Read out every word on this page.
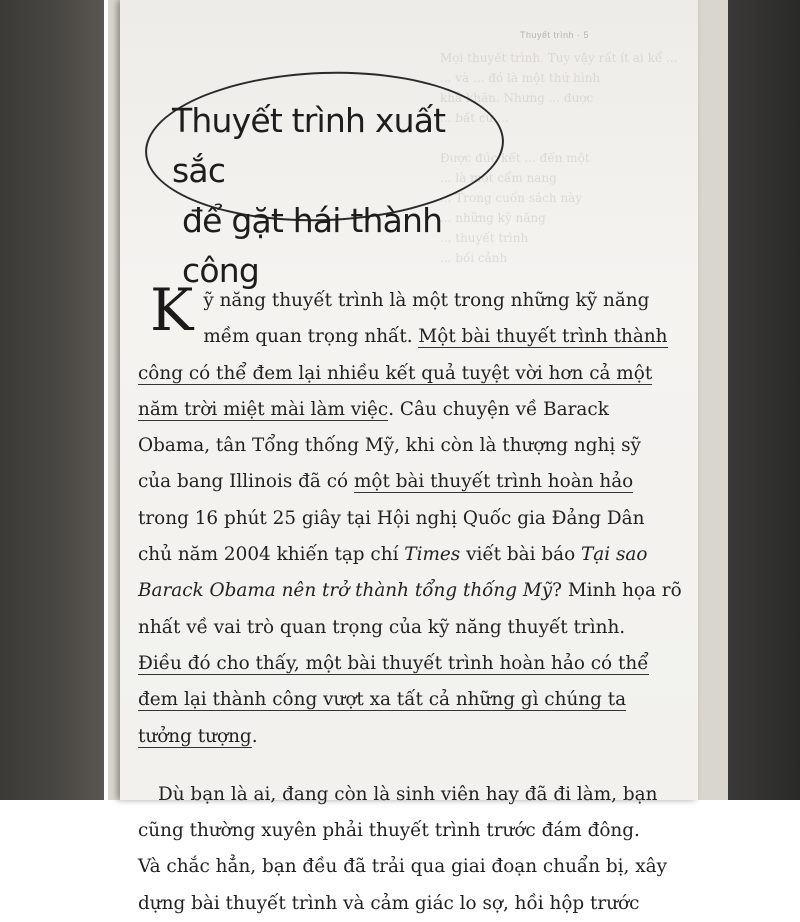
Thuyết trình · 5
Mọi thuyết trình. Tuy vậy rất ít ai kể ...
... và ... đó là một thứ hình
khả khăn. Nhưng ... được
... bất cứ ...

Được đúc kết ... đến một
... là một cẩm nang
... Trong cuốn sách này
... những kỹ năng
... thuyết trình
... bối cảnh
Thuyết trình xuất sắc
để gặt hái thành công

K ỹ năng thuyết trình là một trong những kỹ năng
mềm quan trọng nhất. Một bài thuyết trình thành
công có thể đem lại nhiều kết quả tuyệt vời hơn cả một
năm trời miệt mài làm việc. Câu chuyện về Barack
Obama, tân Tổng thống Mỹ, khi còn là thượng nghị sỹ
của bang Illinois đã có một bài thuyết trình hoàn hảo
trong 16 phút 25 giây tại Hội nghị Quốc gia Đảng Dân
chủ năm 2004 khiến tạp chí Times viết bài báo Tại sao
Barack Obama nên trở thành tổng thống Mỹ? Minh họa rõ
nhất về vai trò quan trọng của kỹ năng thuyết trình.
Điều đó cho thấy, một bài thuyết trình hoàn hảo có thể
đem lại thành công vượt xa tất cả những gì chúng ta
tưởng tượng.

Dù bạn là ai, đang còn là sinh viên hay đã đi làm, bạn
cũng thường xuyên phải thuyết trình trước đám đông.
Và chắc hẳn, bạn đều đã trải qua giai đoạn chuẩn bị, xây
dựng bài thuyết trình và cảm giác lo sợ, hồi hộp trước
